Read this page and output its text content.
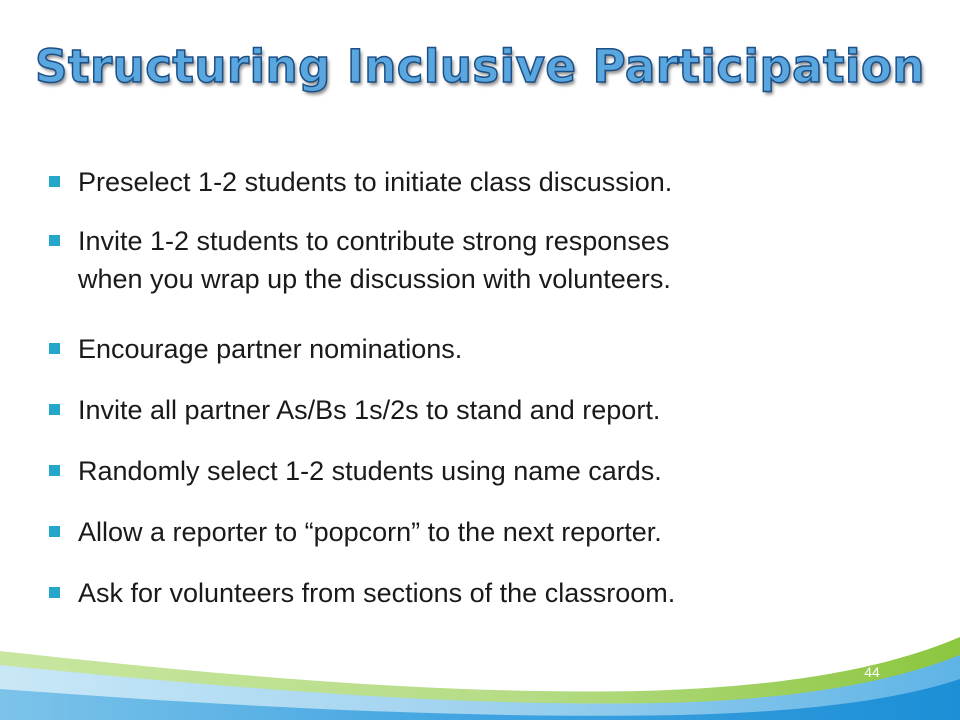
Structuring Inclusive Participation
Preselect 1-2 students to initiate class discussion.
Invite 1-2 students to contribute strong responses
when you wrap up the discussion with volunteers.
Encourage partner nominations.
Invite all partner As/Bs 1s/2s to stand and report.
Randomly select 1-2 students using name cards.
Allow a reporter to “popcorn” to the next reporter.
Ask for volunteers from sections of the classroom.
44
